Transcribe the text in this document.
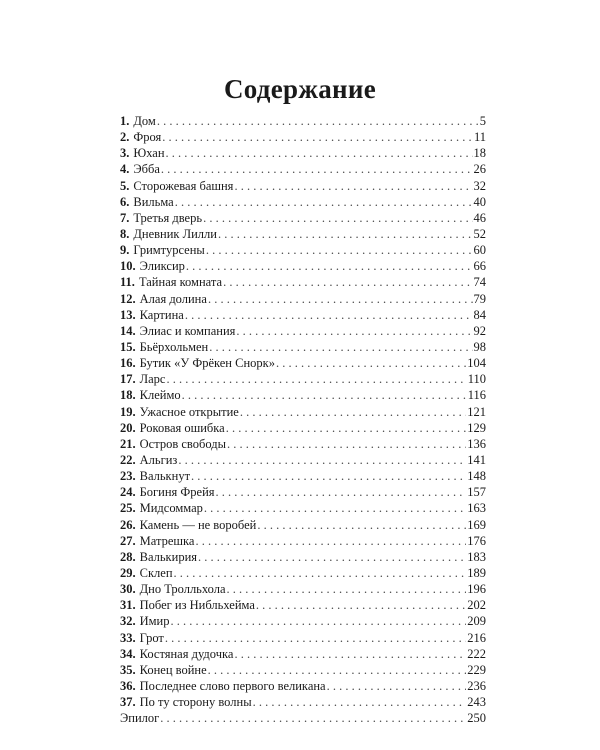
Содержание
1. Дом . . .	5
2. Фроя . . .	11
3. Юхан . . .	18
4. Эбба . . .	26
5. Сторожевая башня . . .	32
6. Вильма . . .	40
7. Третья дверь . . .	46
8. Дневник Лилли . . .	52
9. Гримтурсены . . .	60
10. Эликсир . . .	66
11. Тайная комната . . .	74
12. Алая долина . . .	79
13. Картина . . .	84
14. Элиас и компания . . .	92
15. Бьёрхольмен . . .	98
16. Бутик «У Фрёкен Снорк» . . .	104
17. Ларс . . .	110
18. Клеймо . . .	116
19. Ужасное открытие . . .	121
20. Роковая ошибка . . .	129
21. Остров свободы . . .	136
22. Альгиз . . .	141
23. Валькнут . . .	148
24. Богиня Фрейя . . .	157
25. Мидсоммар . . .	163
26. Камень — не воробей . . .	169
27. Матрешка . . .	176
28. Валькирия . . .	183
29. Склеп . . .	189
30. Дно Тролльхола . . .	196
31. Побег из Нибльхейма . . .	202
32. Имир . . .	209
33. Грот . . .	216
34. Костяная дудочка . . .	222
35. Конец войне . . .	229
36. Последнее слово первого великана . . .	236
37. По ту сторону волны . . .	243
Эпилог . . .	250
